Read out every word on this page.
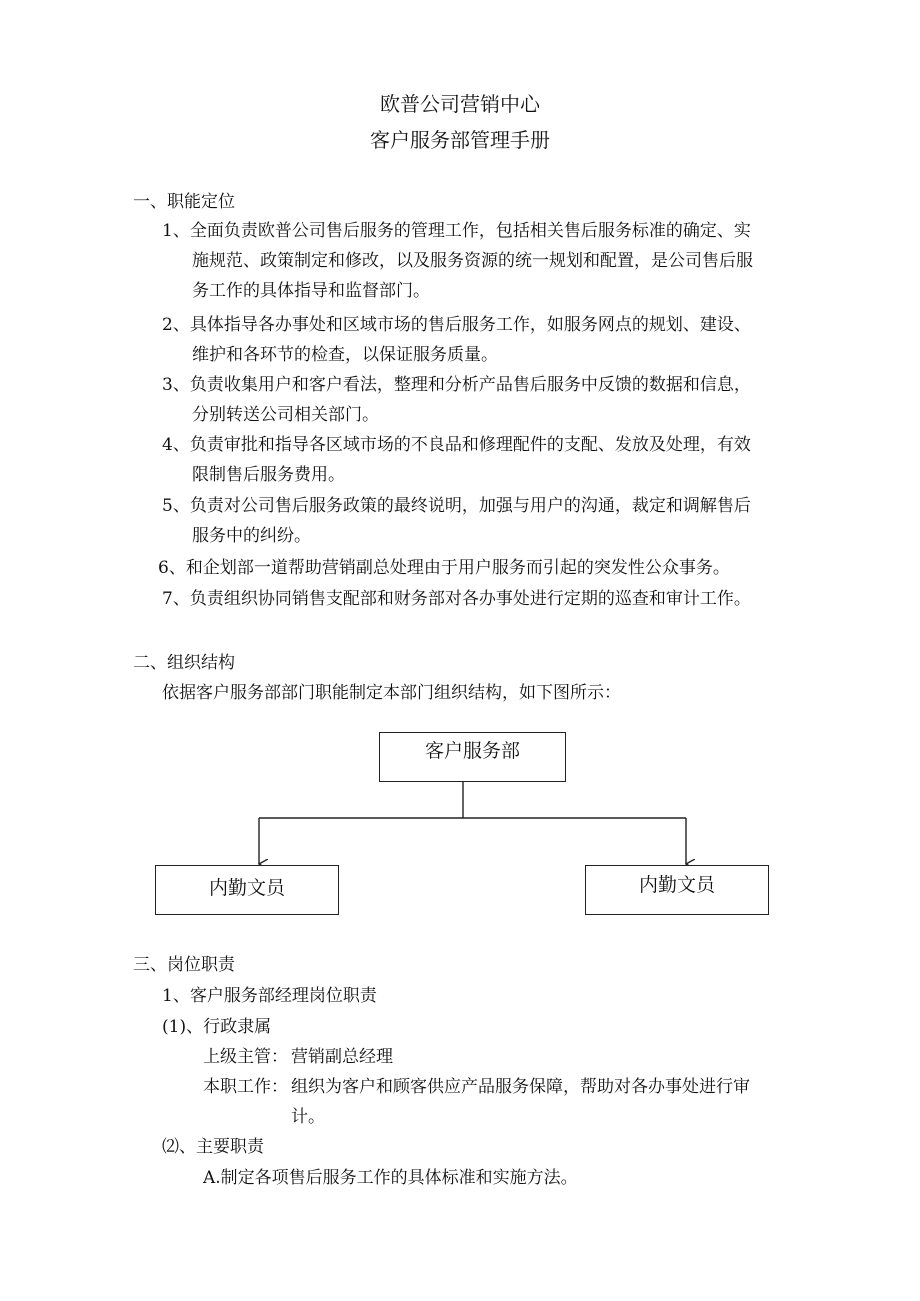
欧普公司营销中心
客户服务部管理手册
一、职能定位
1、全面负责欧普公司售后服务的管理工作，包括相关售后服务标准的确定、实
施规范、政策制定和修改，以及服务资源的统一规划和配置，是公司售后服
务工作的具体指导和监督部门。
2、具体指导各办事处和区域市场的售后服务工作，如服务网点的规划、建设、
维护和各环节的检查，以保证服务质量。
3、负责收集用户和客户看法，整理和分析产品售后服务中反馈的数据和信息，
分别转送公司相关部门。
4、负责审批和指导各区域市场的不良品和修理配件的支配、发放及处理，有效
限制售后服务费用。
5、负责对公司售后服务政策的最终说明，加强与用户的沟通，裁定和调解售后
服务中的纠纷。
6、和企划部一道帮助营销副总处理由于用户服务而引起的突发性公众事务。
7、负责组织协同销售支配部和财务部对各办事处进行定期的巡查和审计工作。
二、组织结构
依据客户服务部部门职能制定本部门组织结构，如下图所示：
客户服务部
内勤文员	内勤文员
三、岗位职责
1、客户服务部经理岗位职责
(1)、行政隶属
上级主管： 营销副总经理
本职工作： 组织为客户和顾客供应产品服务保障，帮助对各办事处进行审
计。
⑵、主要职责
A.制定各项售后服务工作的具体标准和实施方法。
